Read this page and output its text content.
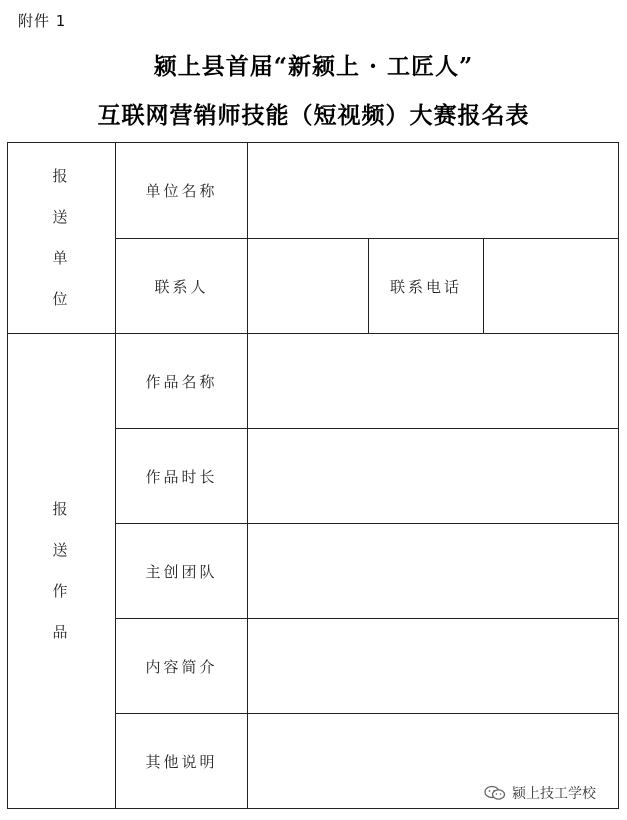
附件 1
颍上县首届“新颍上 · 工匠人”
互联网营销师技能（短视频）大赛报名表
报
送
单
位	单位名称			
	联系人		联系电话	

报
送
作
品	作品名称			
	作品时长			
	主创团队			
	内容简介			
	其他说明			
颍上技工学校
